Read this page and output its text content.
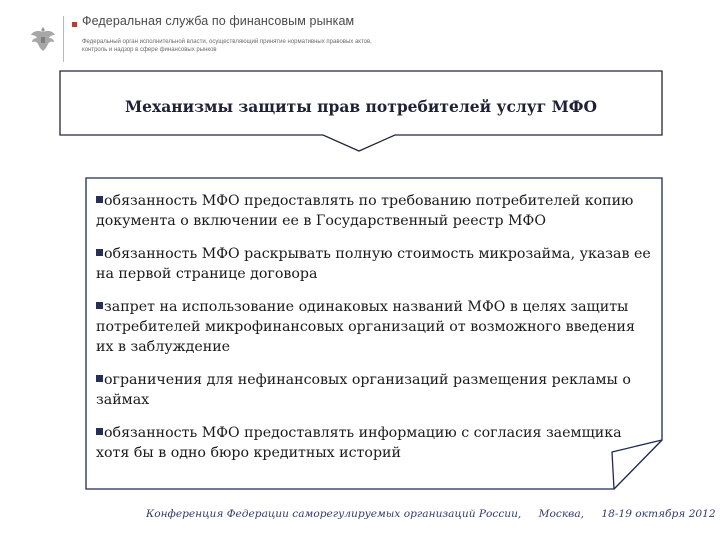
Федеральная служба по финансовым рынкам
Федеральный орган исполнительной власти, осуществляющий принятие нормативных правовых актов, контроль и надзор в сфере финансовых рынков
Механизмы защиты прав потребителей услуг МФО

обязанность МФО предоставлять по требованию потребителей копию документа о включении ее в Государственный реестр МФО

обязанность МФО раскрывать полную стоимость микрозайма, указав ее на первой странице договора

запрет на использование одинаковых названий МФО в целях защиты потребителей микрофинансовых организаций от возможного введения их в заблуждение

ограничения для нефинансовых организаций размещения рекламы о займах

обязанность МФО предоставлять информацию с согласия заемщика хотя бы в одно бюро кредитных историй

Конференция Федерации саморегулируемых организаций России, Москва, 18-19 октября 2012
